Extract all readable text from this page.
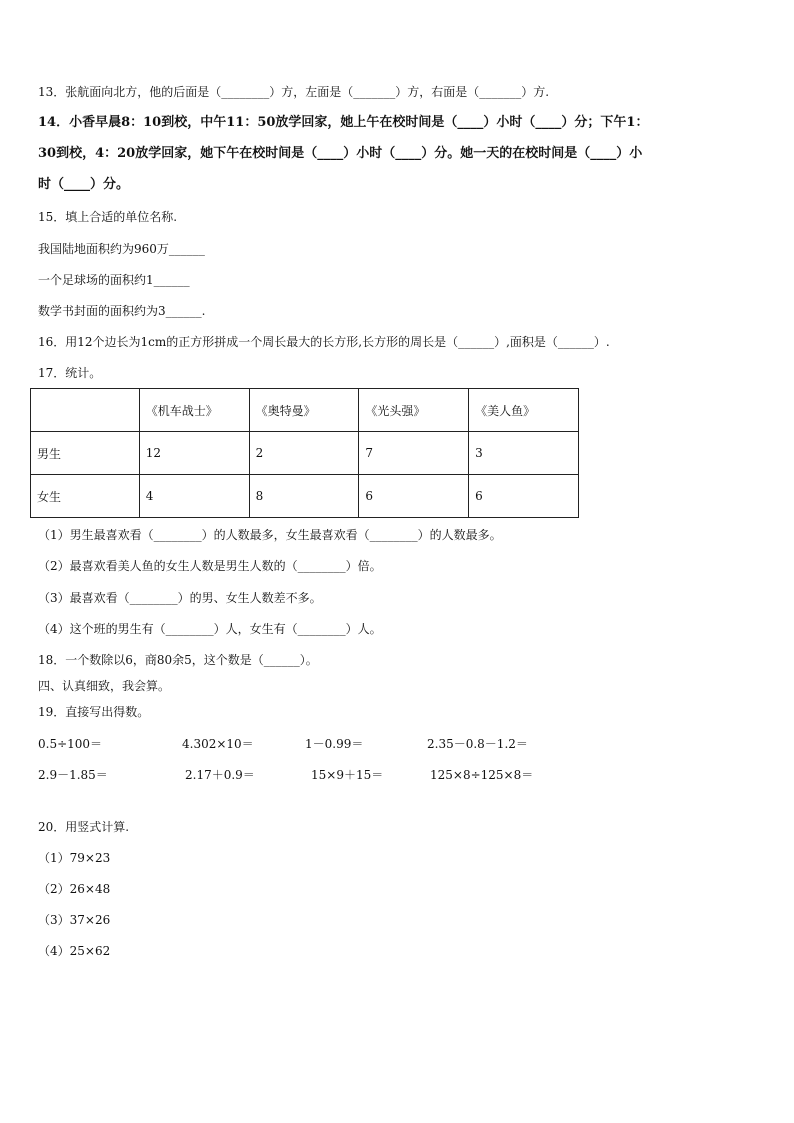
13．张航面向北方，他的后面是（________）方，左面是（_______）方，右面是（_______）方.
14．小香早晨8：10到校，中午11：50放学回家，她上午在校时间是（____）小时（____）分；下午1：
30到校，4：20放学回家，她下午在校时间是（____）小时（____）分。她一天的在校时间是（____）小
时（____）分。
15．填上合适的单位名称.
我国陆地面积约为960万______
一个足球场的面积约1______
数学书封面的面积约为3______.
16．用12个边长为1cm的正方形拼成一个周长最大的长方形,长方形的周长是（______）,面积是（______）.
17．统计。
	《机车战士》	《奥特曼》	《光头强》	《美人鱼》
男生	12	2	7	3
女生	4	8	6	6
（1）男生最喜欢看（________）的人数最多，女生最喜欢看（________）的人数最多。
（2）最喜欢看美人鱼的女生人数是男生人数的（________）倍。
（3）最喜欢看（________）的男、女生人数差不多。
（4）这个班的男生有（________）人，女生有（________）人。
18．一个数除以6，商80余5，这个数是（______）。
四、认真细致，我会算。
19．直接写出得数。
0.5÷100＝	4.302×10＝	1－0.99＝	2.35－0.8－1.2＝
2.9－1.85＝	2.17＋0.9＝	15×9＋15＝	125×8÷125×8＝
20．用竖式计算.
（1）79×23
（2）26×48
（3）37×26
（4）25×62
